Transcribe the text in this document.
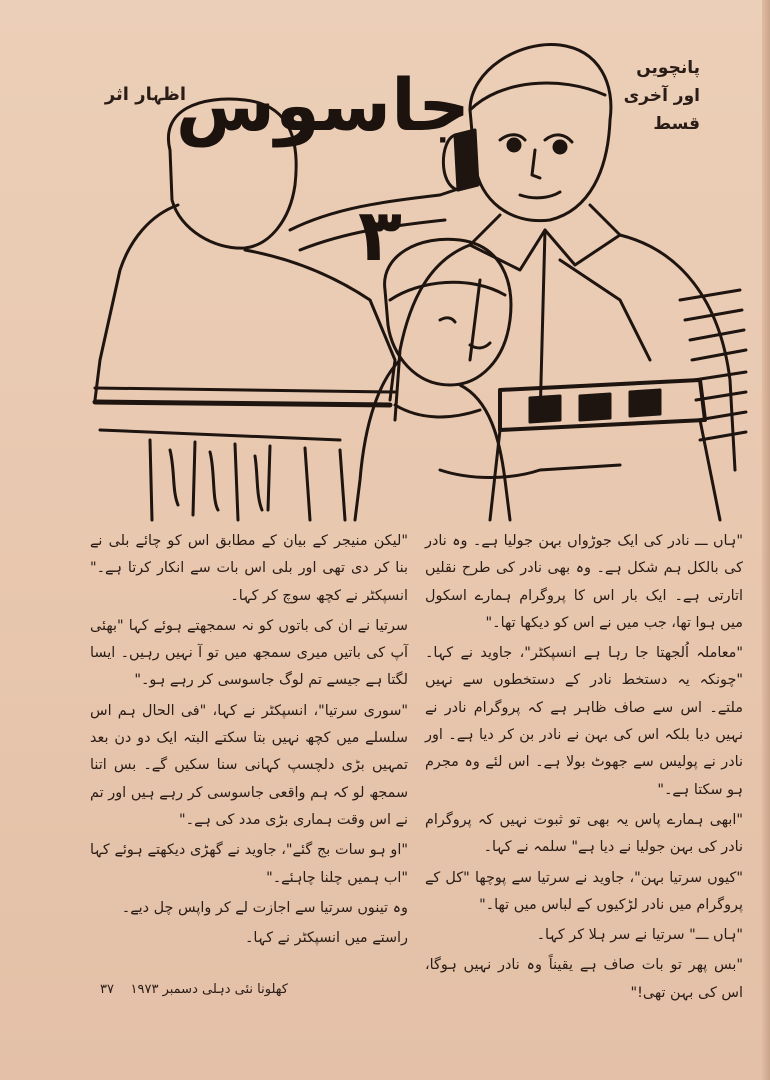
جاسوس ۳
اظہار اثر
پانچویں
اور آخری قسط

"ہاں ـــ نادر کی ایک جوڑواں بہن جولیا ہے۔ وہ نادر کی بالکل ہم شکل ہے۔ وہ بھی نادر کی طرح نقلیں اتارتی ہے۔ ایک بار اس کا پروگرام ہمارے اسکول میں ہوا تھا، جب میں نے اس کو دیکھا تھا۔"

"معاملہ اُلجھتا جا رہا ہے انسپکٹر"، جاوید نے کہا۔ "چونکہ یہ دستخط نادر کے دستخطوں سے نہیں ملتے۔ اس سے صاف ظاہر ہے کہ پروگرام نادر نے نہیں دیا بلکہ اس کی بہن نے نادر بن کر دیا ہے۔ اور نادر نے پولیس سے جھوٹ بولا ہے۔ اس لئے وہ مجرم ہو سکتا ہے۔"

"ابھی ہمارے پاس یہ بھی تو ثبوت نہیں کہ پروگرام نادر کی بہن جولیا نے دیا ہے" سلمہ نے کہا۔

"کیوں سرتیا بہن"، جاوید نے سرتیا سے پوچھا "کل کے پروگرام میں نادر لڑکیوں کے لباس میں تھا۔"

"ہاں ـــ" سرتیا نے سر ہلا کر کہا۔

"بس پھر تو بات صاف ہے یقیناً وہ نادر نہیں ہوگا، اس کی بہن تھی!"

"لیکن منیجر کے بیان کے مطابق اس کو چائے بلی نے بنا کر دی تھی اور بلی اس بات سے انکار کرتا ہے۔" انسپکٹر نے کچھ سوچ کر کہا۔

سرتیا نے ان کی باتوں کو نہ سمجھتے ہوئے کہا "بھئی آپ کی باتیں میری سمجھ میں تو آ نہیں رہیں۔ ایسا لگتا ہے جیسے تم لوگ جاسوسی کر رہے ہو۔"

"سوری سرتیا"، انسپکٹر نے کہا، "فی الحال ہم اس سلسلے میں کچھ نہیں بتا سکتے البتہ ایک دو دن بعد تمہیں بڑی دلچسپ کہانی سنا سکیں گے۔ بس اتنا سمجھ لو کہ ہم واقعی جاسوسی کر رہے ہیں اور تم نے اس وقت ہماری بڑی مدد کی ہے۔"

"او ہو سات بج گئے"، جاوید نے گھڑی دیکھتے ہوئے کہا "اب ہمیں چلنا چاہئے۔"

وہ تینوں سرتیا سے اجازت لے کر واپس چل دیے۔

راستے میں انسپکٹر نے کہا۔

کھلونا نئی دہلی دسمبر ۱۹۷۳    ۳۷
